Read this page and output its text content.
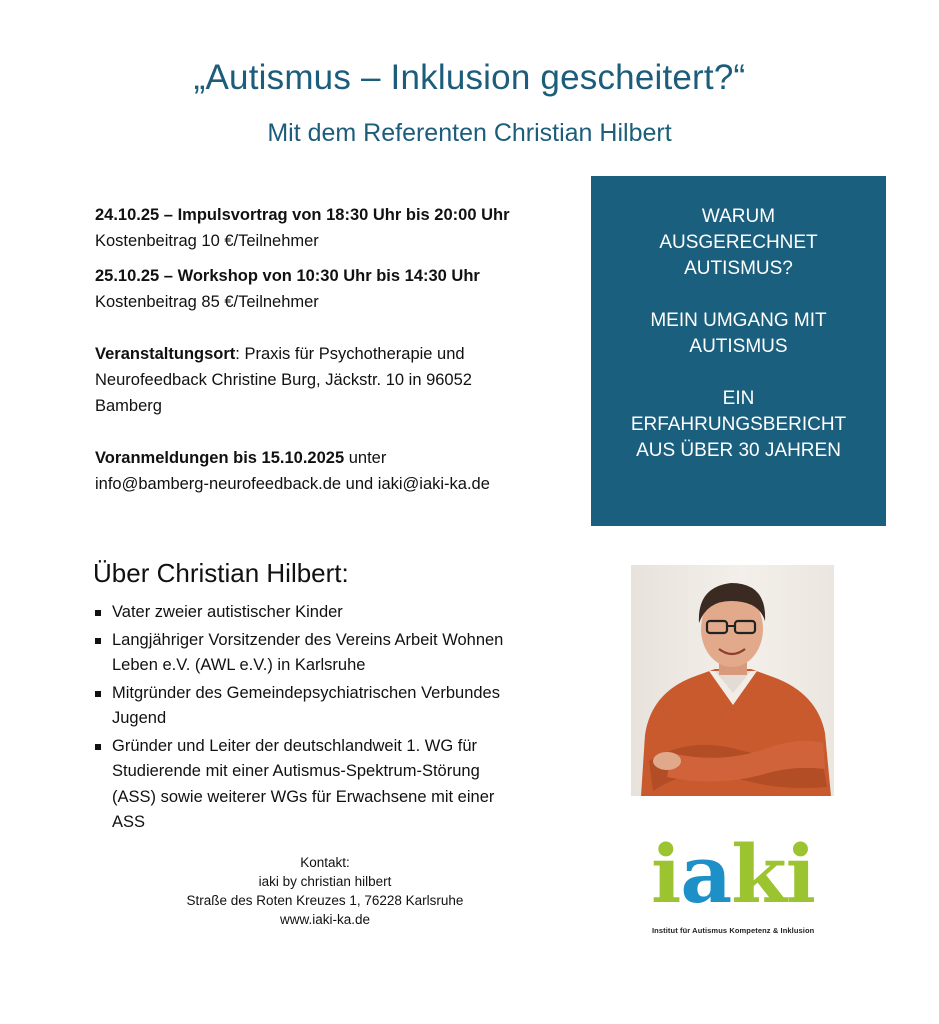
„Autismus – Inklusion gescheitert?“
Mit dem Referenten Christian Hilbert

24.10.25 – Impulsvortrag von 18:30 Uhr bis 20:00 Uhr

Kostenbeitrag 10 €/Teilnehmer

25.10.25 – Workshop von 10:30 Uhr bis 14:30 Uhr

Kostenbeitrag 85 €/Teilnehmer

Veranstaltungsort: Praxis für Psychotherapie und

Neurofeedback Christine Burg, Jäckstr. 10 in 96052

Bamberg

Voranmeldungen bis 15.10.2025 unter

info@bamberg-neurofeedback.de und iaki@iaki-ka.de

WARUM
AUSGERECHNET
AUTISMUS?
MEIN UMGANG MIT
AUTISMUS
EIN
ERFAHRUNGSBERICHT
AUS ÜBER 30 JAHREN
Über Christian Hilbert:
Vater zweier autistischer Kinder
Langjähriger Vorsitzender des Vereins Arbeit Wohnen
Leben e.V. (AWL e.V.) in Karlsruhe
Mitgründer des Gemeindepsychiatrischen Verbundes
Jugend
Gründer und Leiter der deutschlandweit 1. WG für
Studierende mit einer Autismus-Spektrum-Störung
(ASS) sowie weiterer WGs für Erwachsene mit einer
ASS
iaki
Institut für Autismus Kompetenz & Inklusion
Kontakt:
iaki by christian hilbert
Straße des Roten Kreuzes 1, 76228 Karlsruhe
www.iaki-ka.de
